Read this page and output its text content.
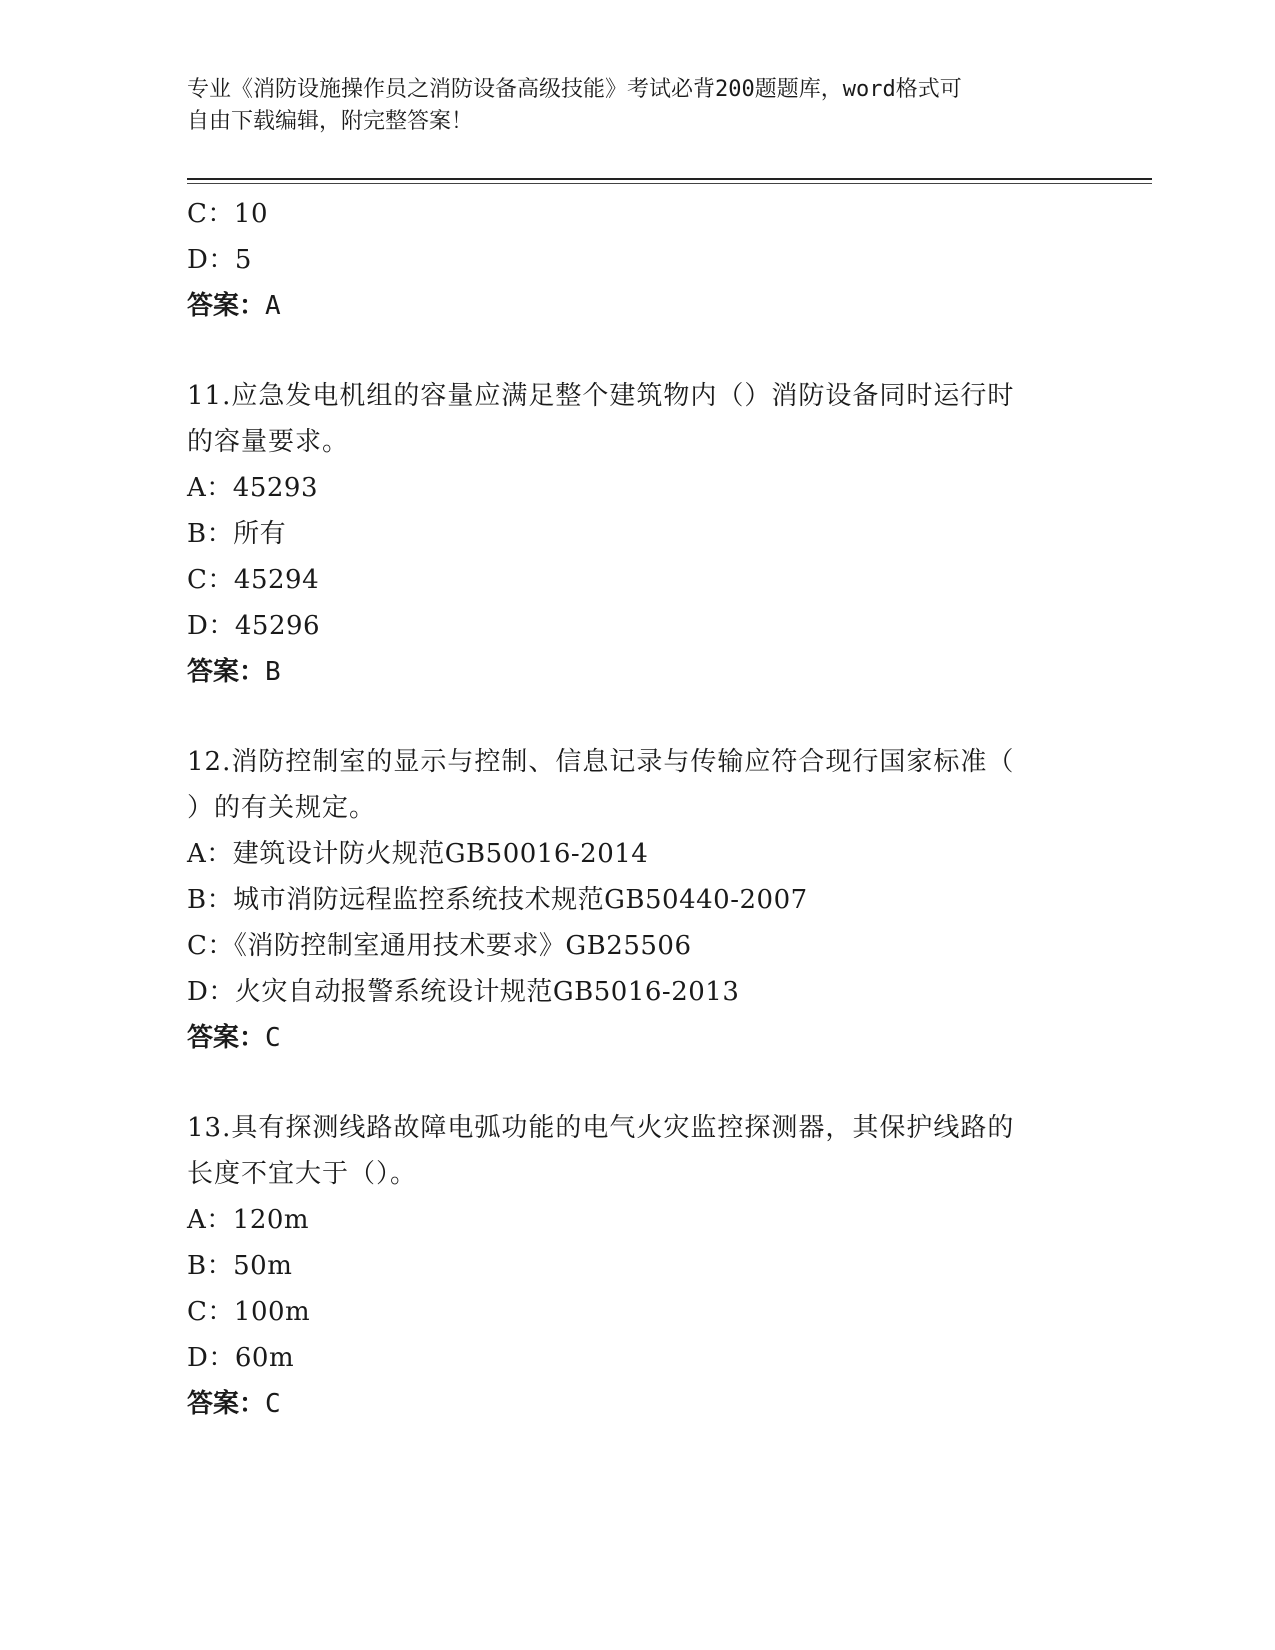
专业《消防设施操作员之消防设备高级技能》考试必背200题题库，word格式可
自由下载编辑，附完整答案！
C：10
D：5
答案：A
11.应急发电机组的容量应满足整个建筑物内（）消防设备同时运行时
的容量要求。
A：45293
B：所有
C：45294
D：45296
答案：B
12.消防控制室的显示与控制、信息记录与传输应符合现行国家标准（
）的有关规定。
A：建筑设计防火规范GB50016-2014
B：城市消防远程监控系统技术规范GB50440-2007
C：《消防控制室通用技术要求》GB25506
D：火灾自动报警系统设计规范GB5016-2013
答案：C
13.具有探测线路故障电弧功能的电气火灾监控探测器，其保护线路的
长度不宜大于（）。
A：120m
B：50m
C：100m
D：60m
答案：C
